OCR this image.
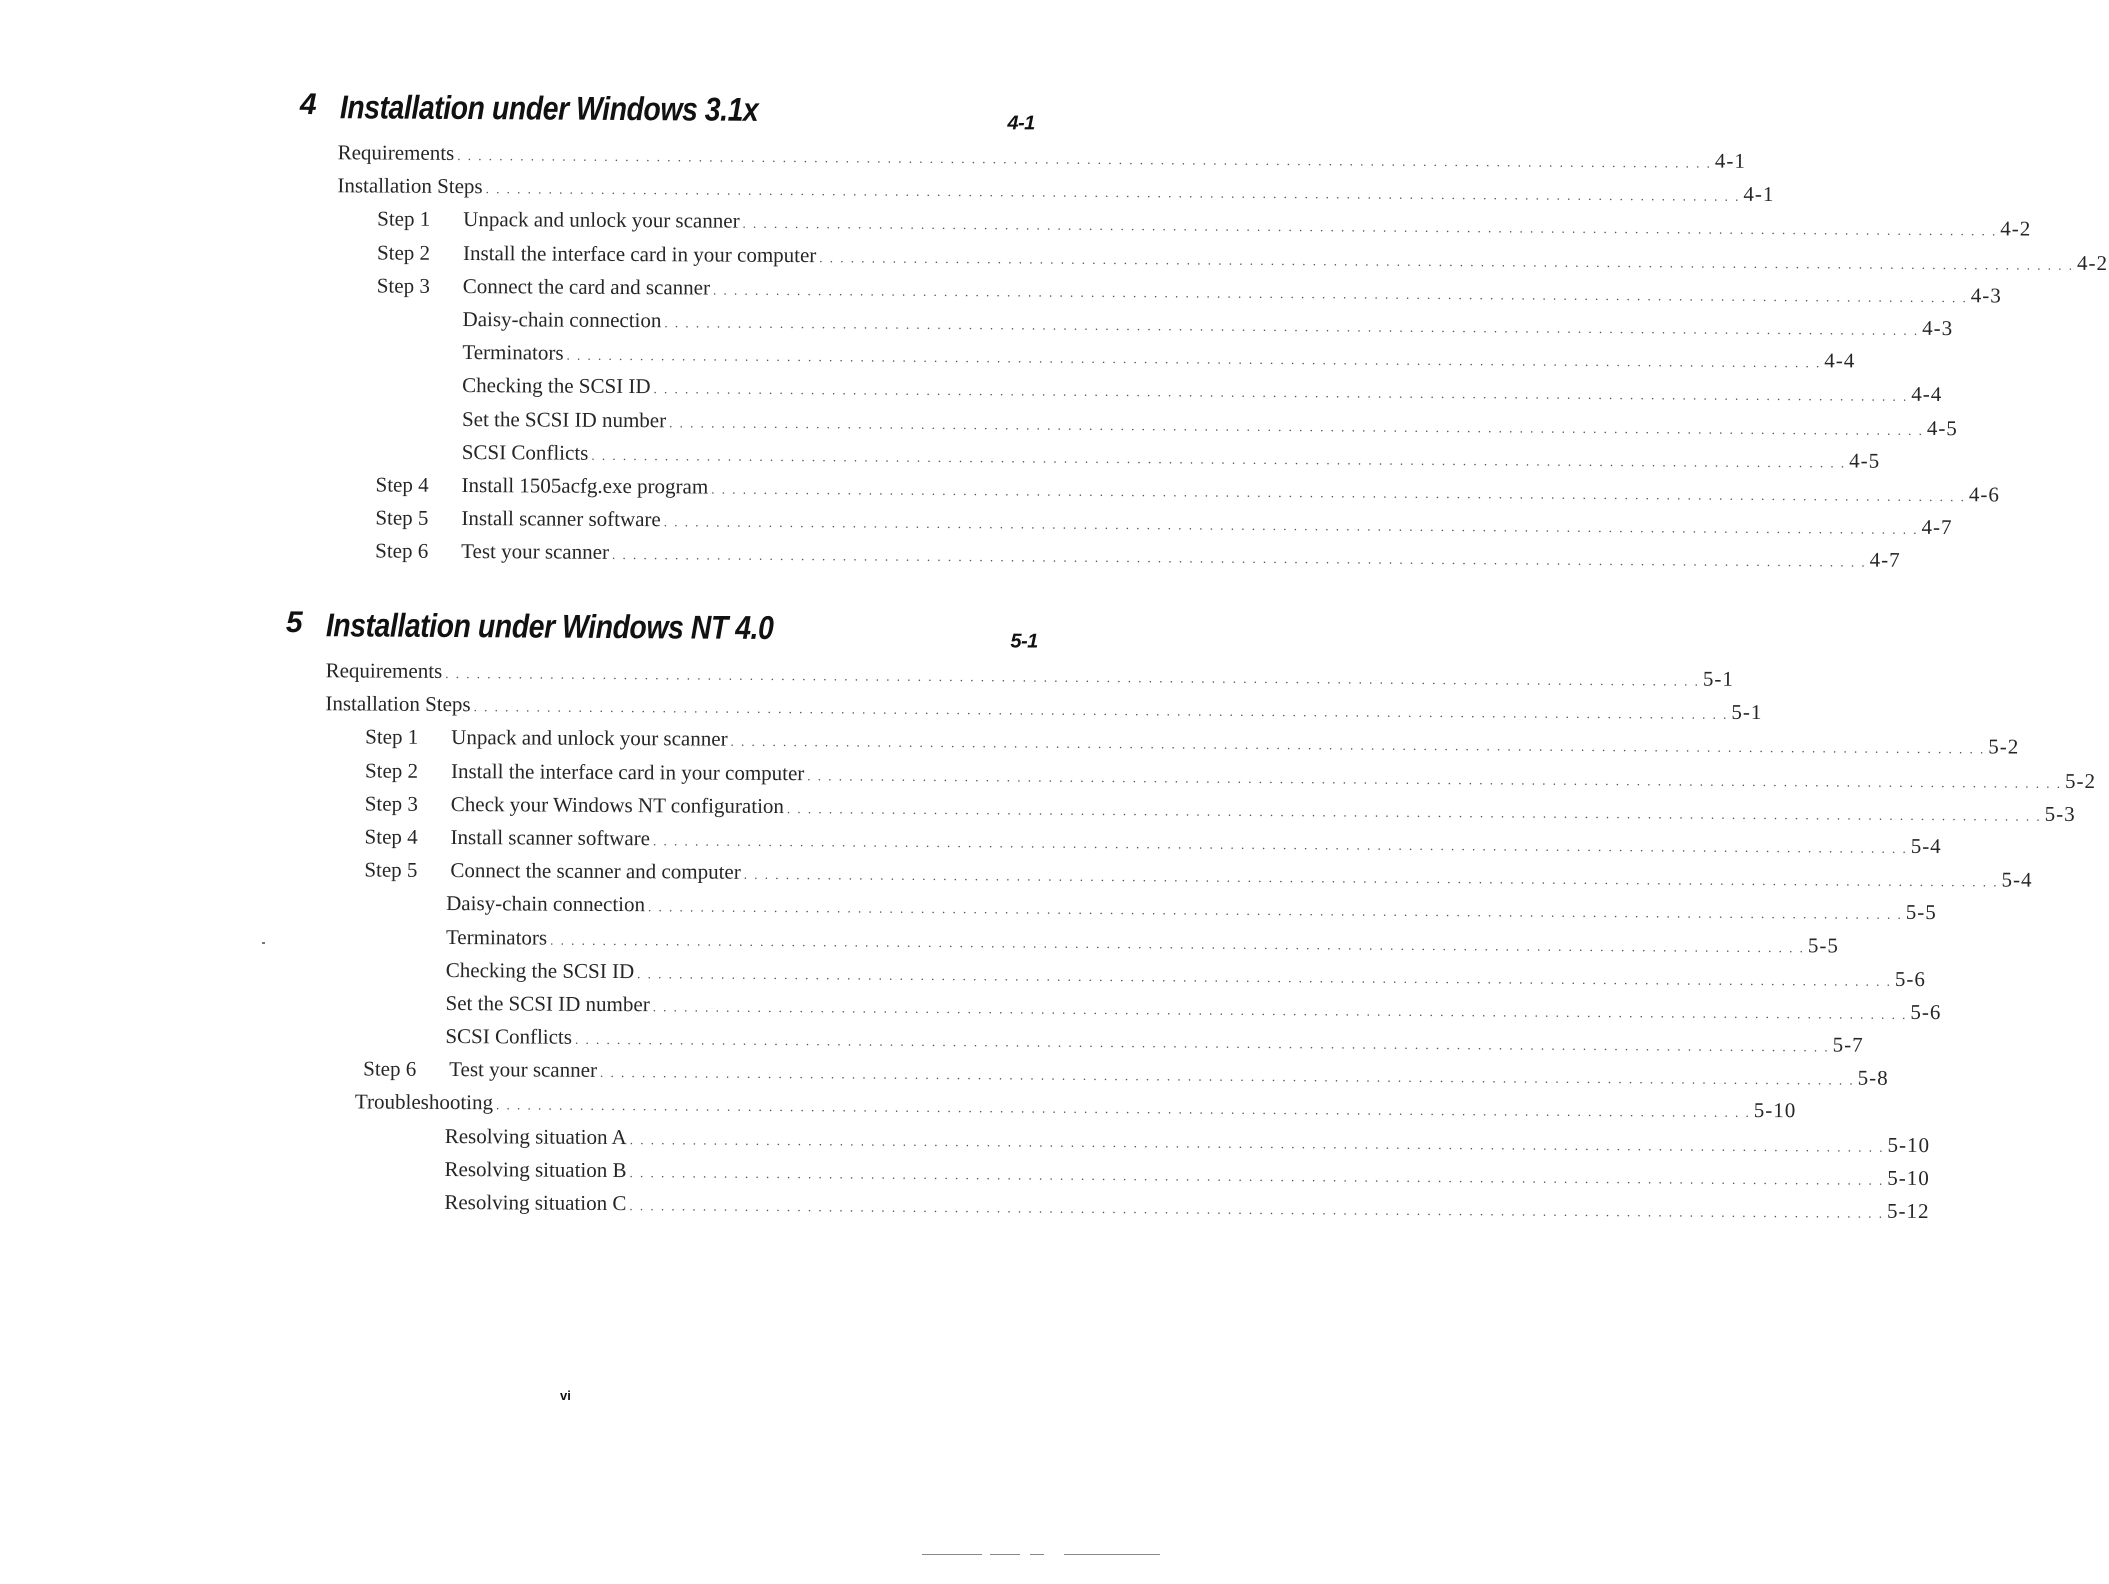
4 Installation under Windows 3.1x	4-1
Requirements . . . . . . . . . . . . . . . . . . . . . . . . . . . . . . . . . . . . . . . . . . . . . . . . . . . . . . . . . . . . . . . . . . . . . . . . . . . . . . . . . . . . . . . . . . . . . . . . . . . . . . . . . . . . . . . . . . . . . . . . 4-1
Installation Steps . . . . . . . . . . . . . . . . . . . . . . . . . . . . . . . . . . . . . . . . . . . . . . . . . . . . . . . . . . . . . . . . . . . . . . . . . . . . . . . . . . . . . . . . . . . . . . . . . . . . . . . . . . . . . . . . . . . . . . . . 4-1
Step 1	Unpack and unlock your scanner . . . . . . . . . . . . . . . . . . . . . . . . . . . . . . . . . . . . . . . . . . . . . . . . . . . . . . . . . . . . . . . . . . . . . . . . . . . . . . . . . . . . . . . . . . . . . . . . . . . . . . . . . . . . . . . . . . . . . . . . 4-2
Step 2	Install the interface card in your computer . . . . . . . . . . . . . . . . . . . . . . . . . . . . . . . . . . . . . . . . . . . . . . . . . . . . . . . . . . . . . . . . . . . . . . . . . . . . . . . . . . . . . . . . . . . . . . . . . . . . . . . . . . . . . . . . . . . . . . . . 4-2
Step 3	Connect the card and scanner . . . . . . . . . . . . . . . . . . . . . . . . . . . . . . . . . . . . . . . . . . . . . . . . . . . . . . . . . . . . . . . . . . . . . . . . . . . . . . . . . . . . . . . . . . . . . . . . . . . . . . . . . . . . . . . . . . . . . . . . 4-3
Daisy-chain connection . . . . . . . . . . . . . . . . . . . . . . . . . . . . . . . . . . . . . . . . . . . . . . . . . . . . . . . . . . . . . . . . . . . . . . . . . . . . . . . . . . . . . . . . . . . . . . . . . . . . . . . . . . . . . . . . . . . . . . . . 4-3
Terminators . . . . . . . . . . . . . . . . . . . . . . . . . . . . . . . . . . . . . . . . . . . . . . . . . . . . . . . . . . . . . . . . . . . . . . . . . . . . . . . . . . . . . . . . . . . . . . . . . . . . . . . . . . . . . . . . . . . . . . . . 4-4
Checking the SCSI ID . . . . . . . . . . . . . . . . . . . . . . . . . . . . . . . . . . . . . . . . . . . . . . . . . . . . . . . . . . . . . . . . . . . . . . . . . . . . . . . . . . . . . . . . . . . . . . . . . . . . . . . . . . . . . . . . . . . . . . . . 4-4
Set the SCSI ID number . . . . . . . . . . . . . . . . . . . . . . . . . . . . . . . . . . . . . . . . . . . . . . . . . . . . . . . . . . . . . . . . . . . . . . . . . . . . . . . . . . . . . . . . . . . . . . . . . . . . . . . . . . . . . . . . . . . . . . . . 4-5
SCSI Conflicts . . . . . . . . . . . . . . . . . . . . . . . . . . . . . . . . . . . . . . . . . . . . . . . . . . . . . . . . . . . . . . . . . . . . . . . . . . . . . . . . . . . . . . . . . . . . . . . . . . . . . . . . . . . . . . . . . . . . . . . . 4-5
Step 4	Install 1505acfg.exe program . . . . . . . . . . . . . . . . . . . . . . . . . . . . . . . . . . . . . . . . . . . . . . . . . . . . . . . . . . . . . . . . . . . . . . . . . . . . . . . . . . . . . . . . . . . . . . . . . . . . . . . . . . . . . . . . . . . . . . . . 4-6
Step 5	Install scanner software . . . . . . . . . . . . . . . . . . . . . . . . . . . . . . . . . . . . . . . . . . . . . . . . . . . . . . . . . . . . . . . . . . . . . . . . . . . . . . . . . . . . . . . . . . . . . . . . . . . . . . . . . . . . . . . . . . . . . . . . 4-7
Step 6	Test your scanner . . . . . . . . . . . . . . . . . . . . . . . . . . . . . . . . . . . . . . . . . . . . . . . . . . . . . . . . . . . . . . . . . . . . . . . . . . . . . . . . . . . . . . . . . . . . . . . . . . . . . . . . . . . . . . . . . . . . . . . . 4-7
5 Installation under Windows NT 4.0	5-1
Requirements . . . . . . . . . . . . . . . . . . . . . . . . . . . . . . . . . . . . . . . . . . . . . . . . . . . . . . . . . . . . . . . . . . . . . . . . . . . . . . . . . . . . . . . . . . . . . . . . . . . . . . . . . . . . . . . . . . . . . . . . 5-1
Installation Steps . . . . . . . . . . . . . . . . . . . . . . . . . . . . . . . . . . . . . . . . . . . . . . . . . . . . . . . . . . . . . . . . . . . . . . . . . . . . . . . . . . . . . . . . . . . . . . . . . . . . . . . . . . . . . . . . . . . . . . . . 5-1
Step 1	Unpack and unlock your scanner . . . . . . . . . . . . . . . . . . . . . . . . . . . . . . . . . . . . . . . . . . . . . . . . . . . . . . . . . . . . . . . . . . . . . . . . . . . . . . . . . . . . . . . . . . . . . . . . . . . . . . . . . . . . . . . . . . . . . . . . 5-2
Step 2	Install the interface card in your computer . . . . . . . . . . . . . . . . . . . . . . . . . . . . . . . . . . . . . . . . . . . . . . . . . . . . . . . . . . . . . . . . . . . . . . . . . . . . . . . . . . . . . . . . . . . . . . . . . . . . . . . . . . . . . . . . . . . . . . . . 5-2
Step 3	Check your Windows NT configuration . . . . . . . . . . . . . . . . . . . . . . . . . . . . . . . . . . . . . . . . . . . . . . . . . . . . . . . . . . . . . . . . . . . . . . . . . . . . . . . . . . . . . . . . . . . . . . . . . . . . . . . . . . . . . . . . . . . . . . . . 5-3
Step 4	Install scanner software . . . . . . . . . . . . . . . . . . . . . . . . . . . . . . . . . . . . . . . . . . . . . . . . . . . . . . . . . . . . . . . . . . . . . . . . . . . . . . . . . . . . . . . . . . . . . . . . . . . . . . . . . . . . . . . . . . . . . . . . 5-4
Step 5	Connect the scanner and computer . . . . . . . . . . . . . . . . . . . . . . . . . . . . . . . . . . . . . . . . . . . . . . . . . . . . . . . . . . . . . . . . . . . . . . . . . . . . . . . . . . . . . . . . . . . . . . . . . . . . . . . . . . . . . . . . . . . . . . . . 5-4
Daisy-chain connection . . . . . . . . . . . . . . . . . . . . . . . . . . . . . . . . . . . . . . . . . . . . . . . . . . . . . . . . . . . . . . . . . . . . . . . . . . . . . . . . . . . . . . . . . . . . . . . . . . . . . . . . . . . . . . . . . . . . . . . . 5-5
Terminators . . . . . . . . . . . . . . . . . . . . . . . . . . . . . . . . . . . . . . . . . . . . . . . . . . . . . . . . . . . . . . . . . . . . . . . . . . . . . . . . . . . . . . . . . . . . . . . . . . . . . . . . . . . . . . . . . . . . . . . . 5-5
Checking the SCSI ID . . . . . . . . . . . . . . . . . . . . . . . . . . . . . . . . . . . . . . . . . . . . . . . . . . . . . . . . . . . . . . . . . . . . . . . . . . . . . . . . . . . . . . . . . . . . . . . . . . . . . . . . . . . . . . . . . . . . . . . . 5-6
Set the SCSI ID number . . . . . . . . . . . . . . . . . . . . . . . . . . . . . . . . . . . . . . . . . . . . . . . . . . . . . . . . . . . . . . . . . . . . . . . . . . . . . . . . . . . . . . . . . . . . . . . . . . . . . . . . . . . . . . . . . . . . . . . . 5-6
SCSI Conflicts . . . . . . . . . . . . . . . . . . . . . . . . . . . . . . . . . . . . . . . . . . . . . . . . . . . . . . . . . . . . . . . . . . . . . . . . . . . . . . . . . . . . . . . . . . . . . . . . . . . . . . . . . . . . . . . . . . . . . . . . 5-7
Step 6	Test your scanner . . . . . . . . . . . . . . . . . . . . . . . . . . . . . . . . . . . . . . . . . . . . . . . . . . . . . . . . . . . . . . . . . . . . . . . . . . . . . . . . . . . . . . . . . . . . . . . . . . . . . . . . . . . . . . . . . . . . . . . . 5-8
Troubleshooting . . . . . . . . . . . . . . . . . . . . . . . . . . . . . . . . . . . . . . . . . . . . . . . . . . . . . . . . . . . . . . . . . . . . . . . . . . . . . . . . . . . . . . . . . . . . . . . . . . . . . . . . . . . . . . . . . . . . . . . . 5-10
Resolving situation A . . . . . . . . . . . . . . . . . . . . . . . . . . . . . . . . . . . . . . . . . . . . . . . . . . . . . . . . . . . . . . . . . . . . . . . . . . . . . . . . . . . . . . . . . . . . . . . . . . . . . . . . . . . . . . . . . . . . . . . . 5-10
Resolving situation B . . . . . . . . . . . . . . . . . . . . . . . . . . . . . . . . . . . . . . . . . . . . . . . . . . . . . . . . . . . . . . . . . . . . . . . . . . . . . . . . . . . . . . . . . . . . . . . . . . . . . . . . . . . . . . . . . . . . . . . . 5-10
Resolving situation C . . . . . . . . . . . . . . . . . . . . . . . . . . . . . . . . . . . . . . . . . . . . . . . . . . . . . . . . . . . . . . . . . . . . . . . . . . . . . . . . . . . . . . . . . . . . . . . . . . . . . . . . . . . . . . . . . . . . . . . . 5-12
vi
